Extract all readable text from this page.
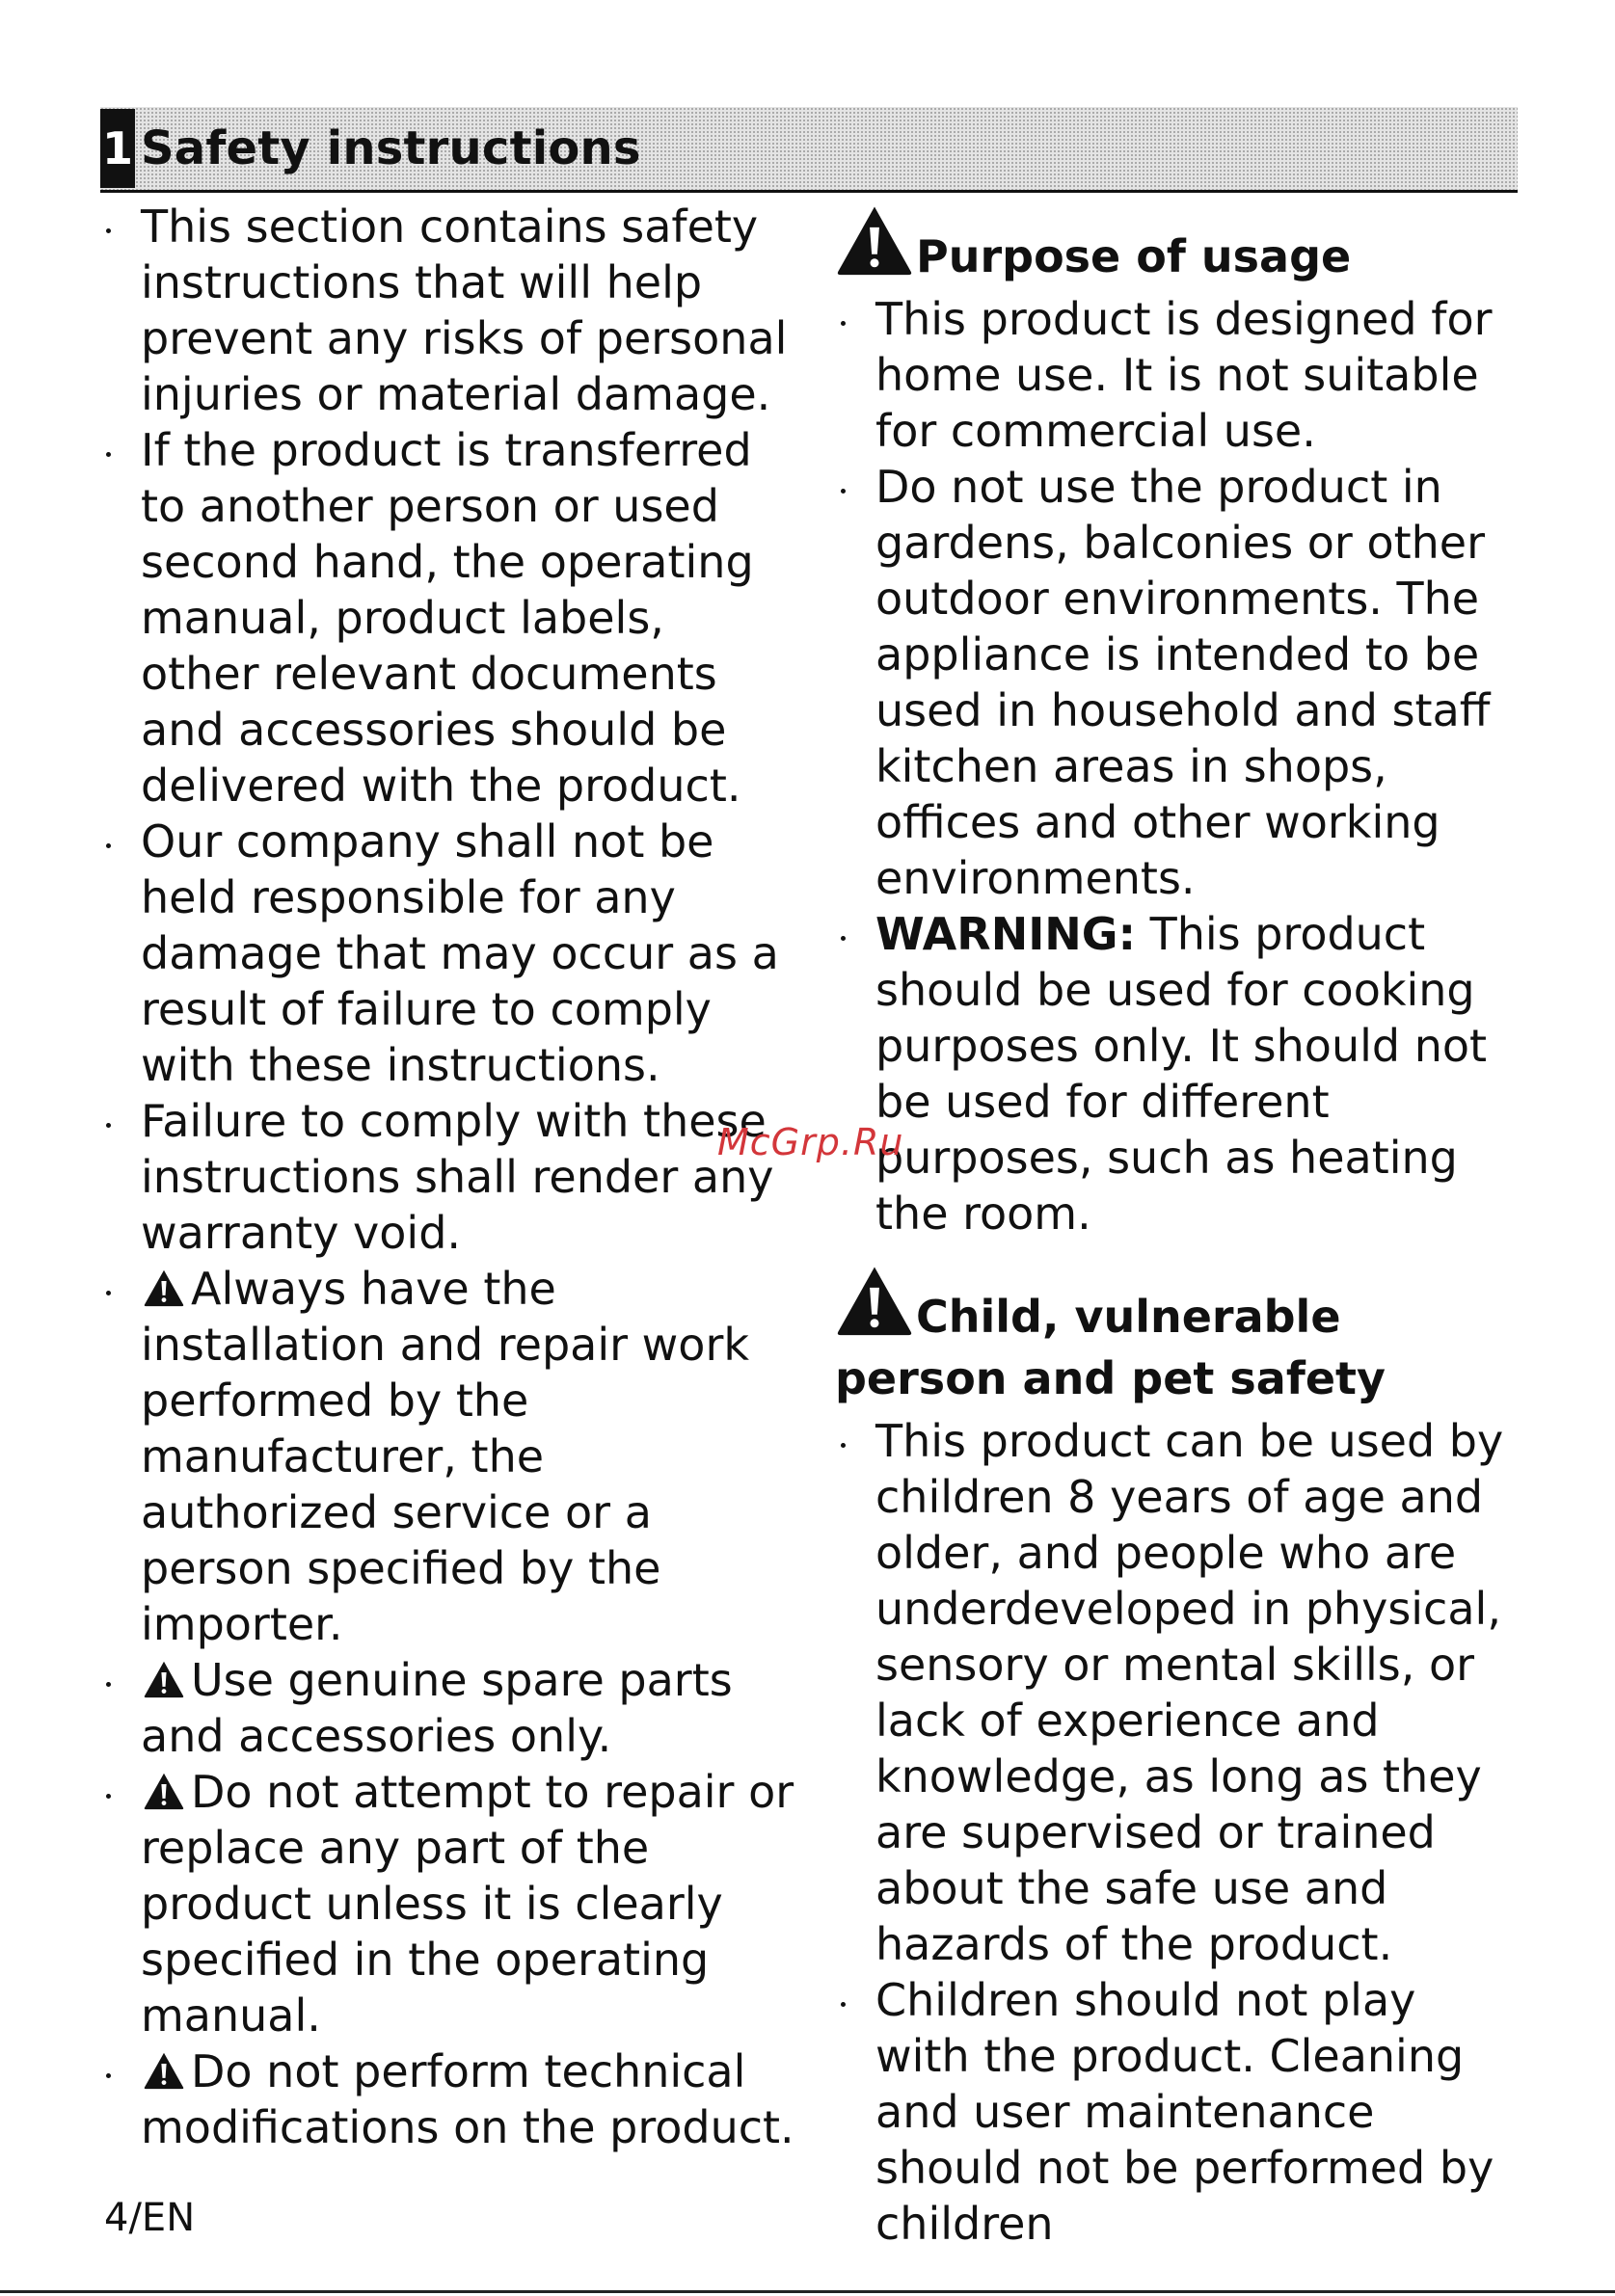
1 Safety instructions
This section contains safety instructions that will help prevent any risks of personal injuries or material damage.
If the product is transferred to another person or used second hand, the operating manual, product labels, other relevant documents and accessories should be delivered with the product.
Our company shall not be held responsible for any damage that may occur as a result of failure to comply with these instructions.
Failure to comply with these instructions shall render any warranty void.
Always have the installation and repair work performed by the manufacturer, the authorized service or a person specified by the importer.
Use genuine spare parts and accessories only.
Do not attempt to repair or replace any part of the product unless it is clearly specified in the operating manual.
Do not perform technical modifications on the product.
Purpose of usage
This product is designed for home use. It is not suitable for commercial use.
Do not use the product in gardens, balconies or other outdoor environments. The appliance is intended to be used in household and staff kitchen areas in shops, offices and other working environments.
WARNING: This product should be used for cooking purposes only. It should not be used for different purposes, such as heating the room.
Child, vulnerable person and pet safety
This product can be used by children 8 years of age and older, and people who are underdeveloped in physical, sensory or mental skills, or lack of experience and knowledge, as long as they are supervised or trained about the safe use and hazards of the product.
Children should not play with the product. Cleaning and user maintenance should not be performed by children
McGrp.Ru
4/EN
